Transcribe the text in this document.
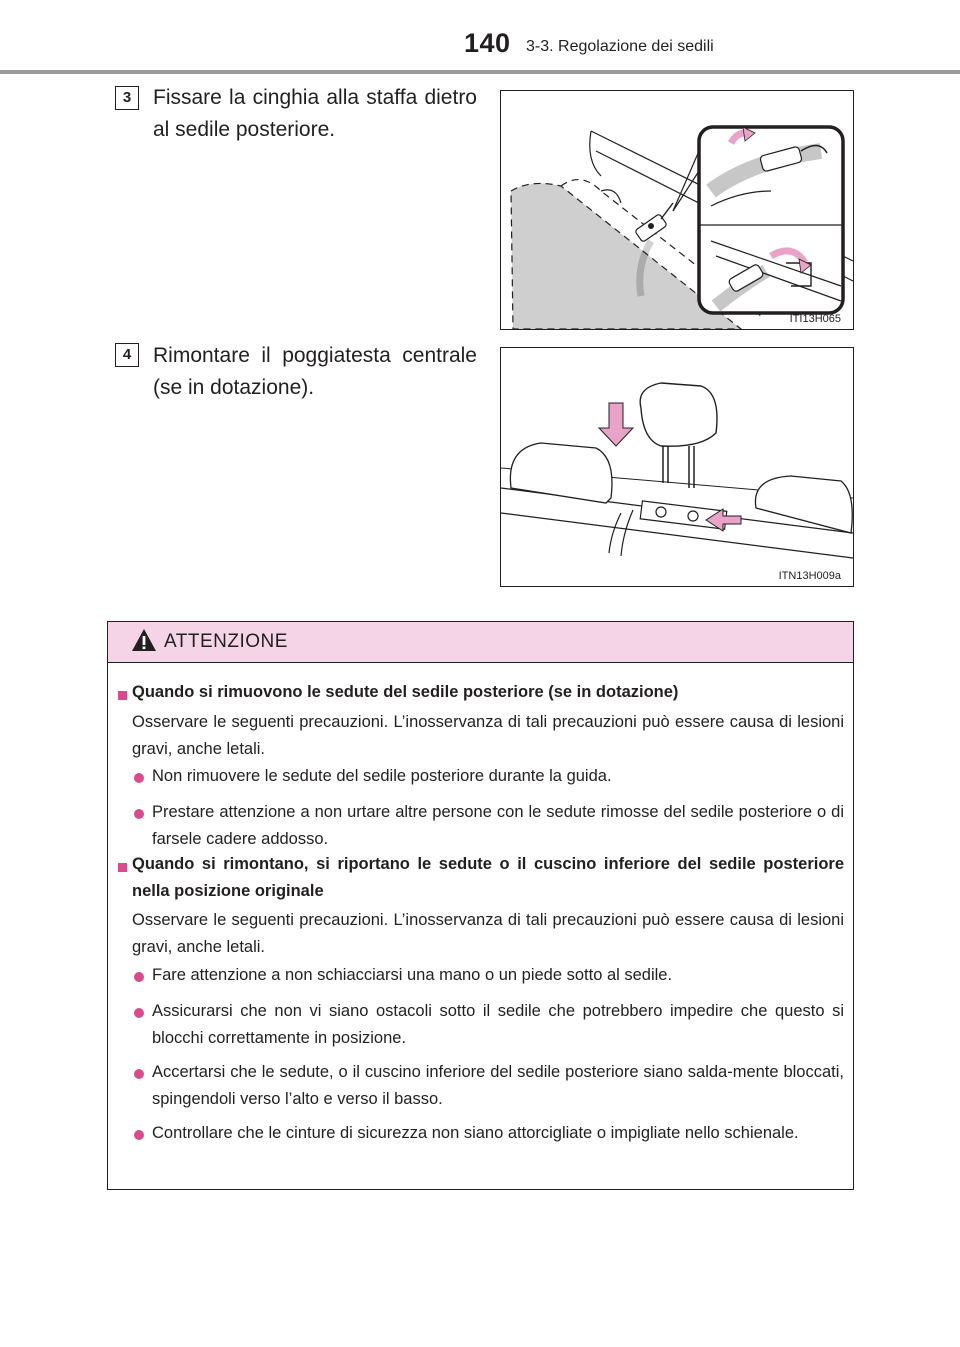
140 3-3. Regolazione dei sedili
3	Fissare la cinghia alla staffa dietro al sedile posteriore.
ITI13H065
4	Rimontare il poggiatesta centrale (se in dotazione).
ITN13H009a
ATTENZIONE
Quando si rimuovono le sedute del sedile posteriore (se in dotazione)
Osservare le seguenti precauzioni. L’inosservanza di tali precauzioni può essere causa di lesioni gravi, anche letali.
Non rimuovere le sedute del sedile posteriore durante la guida.
Prestare attenzione a non urtare altre persone con le sedute rimosse del sedile posteriore o di farsele cadere addosso.
Quando si rimontano, si riportano le sedute o il cuscino inferiore del sedile posteriore nella posizione originale
Osservare le seguenti precauzioni. L’inosservanza di tali precauzioni può essere causa di lesioni gravi, anche letali.
Fare attenzione a non schiacciarsi una mano o un piede sotto al sedile.
Assicurarsi che non vi siano ostacoli sotto il sedile che potrebbero impedire che questo si blocchi correttamente in posizione.
Accertarsi che le sedute, o il cuscino inferiore del sedile posteriore siano salda-mente bloccati, spingendoli verso l’alto e verso il basso.
Controllare che le cinture di sicurezza non siano attorcigliate o impigliate nello schienale.
